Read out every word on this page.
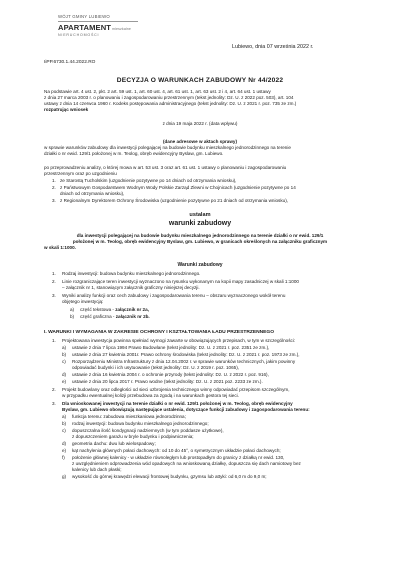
WÓJT GMINY LUBIEWO
APARTAMENTmieszkalne
NIERUCHOMOŚCI

Lubiewo, dnia 07 września 2022 r.

IiPP.6730.1.44.2022.RO

DECYZJA O WARUNKACH ZABUDOWY Nr 44/2022

Na podstawie art. 4 ust. 2, pkt. 2 art. 59 ust. 1, art. 60 ust. 4, art. 61 ust. 1, art. 63 ust. 2 i 4, art. 64 ust. 1 ustawy

z dnia 27 marca 2003 r. o planowaniu i zagospodarowaniu przestrzennym (tekst jednolity: Dz. U. z 2022 poz. 503), art. 104

ustawy z dnia 14 czerwca 1960 r. Kodeks postępowania administracyjnego (tekst jednolity: Dz. U. z 2021 r. poz. 735 ze zm.)

rozpatrując wniosek

z dnia 19 maja 2022 r. (data wpływu)

(dane adresowe w aktach sprawy)

w sprawie warunków zabudowy dla inwestycji polegającej na budowie budynku mieszkalnego jednorodzinnego na terenie

działki o nr ewid. 129/1 położonej w m. Teolog, obręb ewidencyjny Byslaw, gm. Lubiewo.

po przeprowadzeniu analizy, o której mowa w art. 53 ust. 3 oraz art. 61 ust. 1 ustawy o planowaniu i zagospodarowaniu

przestrzennym oraz po uzgodnieniu

1. ze Starostą Tucholskim (uzgodnienie pozytywne po 14 dniach od otrzymania wniosku),

2. z Państwowym Gospodarstwem Wodnym Wody Polskie Zarząd Zlewni w Chojnicach (uzgodnienie pozytywne po 14

dniach od otrzymania wniosku),

3. z Regionalnym Dyrektorem Ochrony Środowiska (uzgodnienie pozytywne po 21 dniach od otrzymania wniosku),

ustalam

warunki zabudowy

dla inwestycji polegającej na budowie budynku mieszkalnego jednorodzinnego na terenie działki o nr ewid. 129/1

położonej w m. Teolog, obręb ewidencyjny Byslaw, gm. Lubiewo, w granicach określonych na załączniku graficznym

w skali 1:1000.

Warunki zabudowy

1. Rodzaj inwestycji: budowa budynku mieszkalnego jednorodzinnego.

2. Linie rozgraniczające teren inwestycji wyznaczono na rysunku wykonanym na kopii mapy zasadniczej w skali 1:1000

– załącznik nr 1, stanowiącym załącznik graficzny niniejszej decyzji.

3. Wyniki analizy funkcji oraz cech zabudowy i zagospodarowania terenu – obszaru wyznaczonego wokół terenu

objętego inwestycją:

a) część tekstowa - załącznik nr 2a,

b) część graficzna - załącznik nr 2b.

I. WARUNKI I WYMAGANIA W ZAKRESIE OCHRONY I KSZTAŁTOWANIA ŁADU PRZESTRZENNEGO

1. Projektowana inwestycja powinna spełniać wymogi zawarte w obowiązujących przepisach, w tym w szczególności:

a) ustawie z dnia 7 lipca 1994 Prawo Budowlane (tekst jednolity: Dz. U. z 2021 r. poz. 2351 ze zm.),

b) ustawie z dnia 27 kwietnia 2001r. Prawo ochrony środowiska (tekst jednolity: Dz. U. z 2021 r. poz. 1973 ze zm.),

c) Rozporządzeniu Ministra Infrastruktury z dnia 12.04.2002 r. w sprawie warunków technicznych, jakim powinny

odpowiadać budynki i ich usytuowanie (tekst jednolity: Dz. U. z 2019 r. poz. 1065),

d) ustawie z dnia 16 kwietnia 2004 r. o ochronie przyrody (tekst jednolity: Dz. U. z 2022 r. poz. 916),

e) ustawie z dnia 20 lipca 2017 r. Prawo wodne (tekst jednolity: Dz. U. z 2021 poz. 2233 ze zm.).

2. Projekt budowlany oraz odległości od sieci uzbrojenia technicznego winny odpowiadać przepisom szczególnym,

w przypadku ewentualnej kolizji przebudowa za zgodą i na warunkach gestora tej sieci.

3. Dla wnioskowanej inwestycji na terenie działki o nr ewid. 129/1 położonej w m. Teolog, obręb ewidencyjny

Byslaw, gm. Lubiewo obowiązują następujące ustalenia, dotyczące funkcji zabudowy i zagospodarowania terenu:

a) funkcja terenu: zabudowa mieszkaniowa jednorodzinna;

b) rodzaj inwestycji: budowa budynku mieszkalnego jednorodzinnego;

c) dopuszczalna ilość kondygnacji nadziemnych (w tym poddasze użytkowe),

z dopuszczeniem garażu w bryle budynku i podpiwniczenia;

d) geometria dachu: dwu lub wielospadowy;

e) kąt nachylenia głównych połaci dachowych: od 10 do 45°, o symetrycznym układzie połaci dachowych;

f) położenie głównej kalenicy - w układzie równoległym lub prostopadłym do granicy z działką nr ewid. 130,

z uwzględnieniem odprowadzenia wód opadowych na wnioskowaną działkę, dopuszcza się dach namiotowy bez

kalenicy lub dach płaski;

g) wysokość do górnej krawędzi elewacji frontowej budynku, gzymsu lub attyki: od 6,0 m do 9,0 m;
